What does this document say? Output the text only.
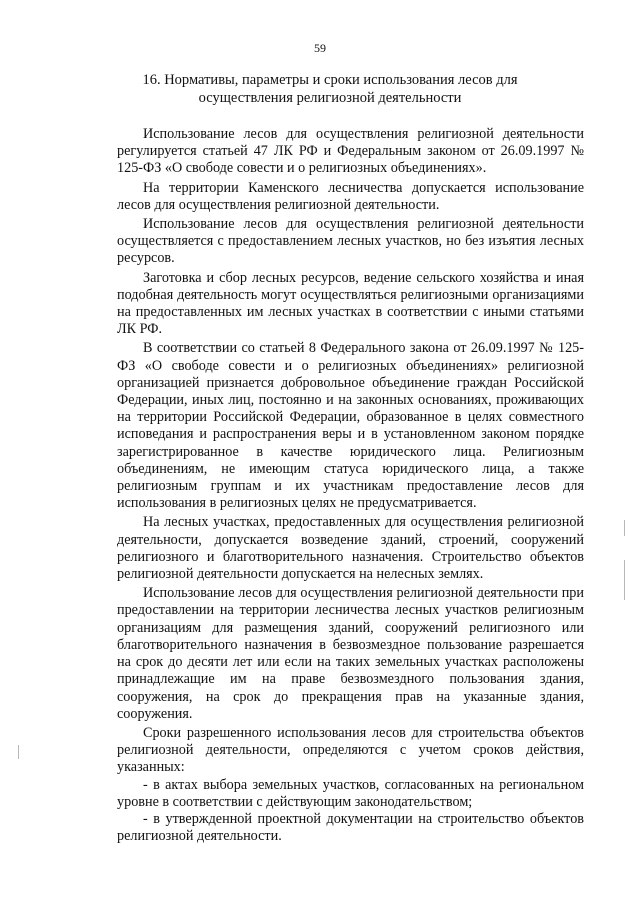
59
16. Нормативы, параметры и сроки использования лесов для
осуществления религиозной деятельности

Использование лесов для осуществления религиозной деятельности регулируется статьей 47 ЛК РФ и Федеральным законом от 26.09.1997 № 125-ФЗ «О свободе совести и о религиозных объединениях».

На территории Каменского лесничества допускается использование лесов для осуществления религиозной деятельности.

Использование лесов для осуществления религиозной деятельности осуществляется с предоставлением лесных участков, но без изъятия лесных ресурсов.

Заготовка и сбор лесных ресурсов, ведение сельского хозяйства и иная подобная деятельность могут осуществляться религиозными организациями на предоставленных им лесных участках в соответствии с иными статьями ЛК РФ.

В соответствии со статьей 8 Федерального закона от 26.09.1997 № 125-ФЗ «О свободе совести и о религиозных объединениях» религиозной организацией признается добровольное объединение граждан Российской Федерации, иных лиц, постоянно и на законных основаниях, проживающих на территории Российской Федерации, образованное в целях совместного исповедания и распространения веры и в установленном законом порядке зарегистрированное в качестве юридического лица. Религиозным объединениям, не имеющим статуса юридического лица, а также религиозным группам и их участникам предоставление лесов для использования в религиозных целях не предусматривается.

На лесных участках, предоставленных для осуществления религиозной деятельности, допускается возведение зданий, строений, сооружений религиозного и благотворительного назначения. Строительство объектов религиозной деятельности допускается на нелесных землях.

Использование лесов для осуществления религиозной деятельности при предоставлении на территории лесничества лесных участков религиозным организациям для размещения зданий, сооружений религиозного или благотворительного назначения в безвозмездное пользование разрешается на срок до десяти лет или если на таких земельных участках расположены принадлежащие им на праве безвозмездного пользования здания, сооружения, на срок до прекращения прав на указанные здания, сооружения.

Сроки разрешенного использования лесов для строительства объектов религиозной деятельности, определяются с учетом сроков действия, указанных:

- в актах выбора земельных участков, согласованных на региональном уровне в соответствии с действующим законодательством;

- в утвержденной проектной документации на строительство объектов религиозной деятельности.
